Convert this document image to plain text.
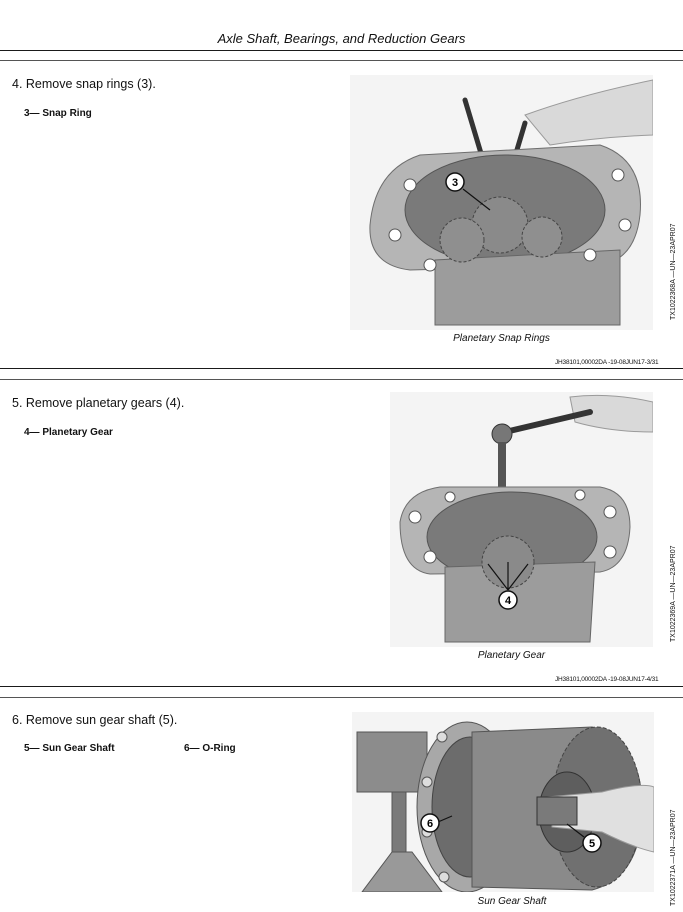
Axle Shaft, Bearings, and Reduction Gears
4. Remove snap rings (3).
3— Snap Ring
3
Planetary Snap Rings
TX1022368A —UN—23APR07
JH38101,00002DA -19-08JUN17-3/31
5. Remove planetary gears (4).
4— Planetary Gear
4
Planetary Gear
TX1022369A —UN—23APR07
JH38101,00002DA -19-08JUN17-4/31
6. Remove sun gear shaft (5).
5— Sun Gear Shaft	6— O-Ring
6
5
Sun Gear Shaft	TX1022371A —UN—23APR07
